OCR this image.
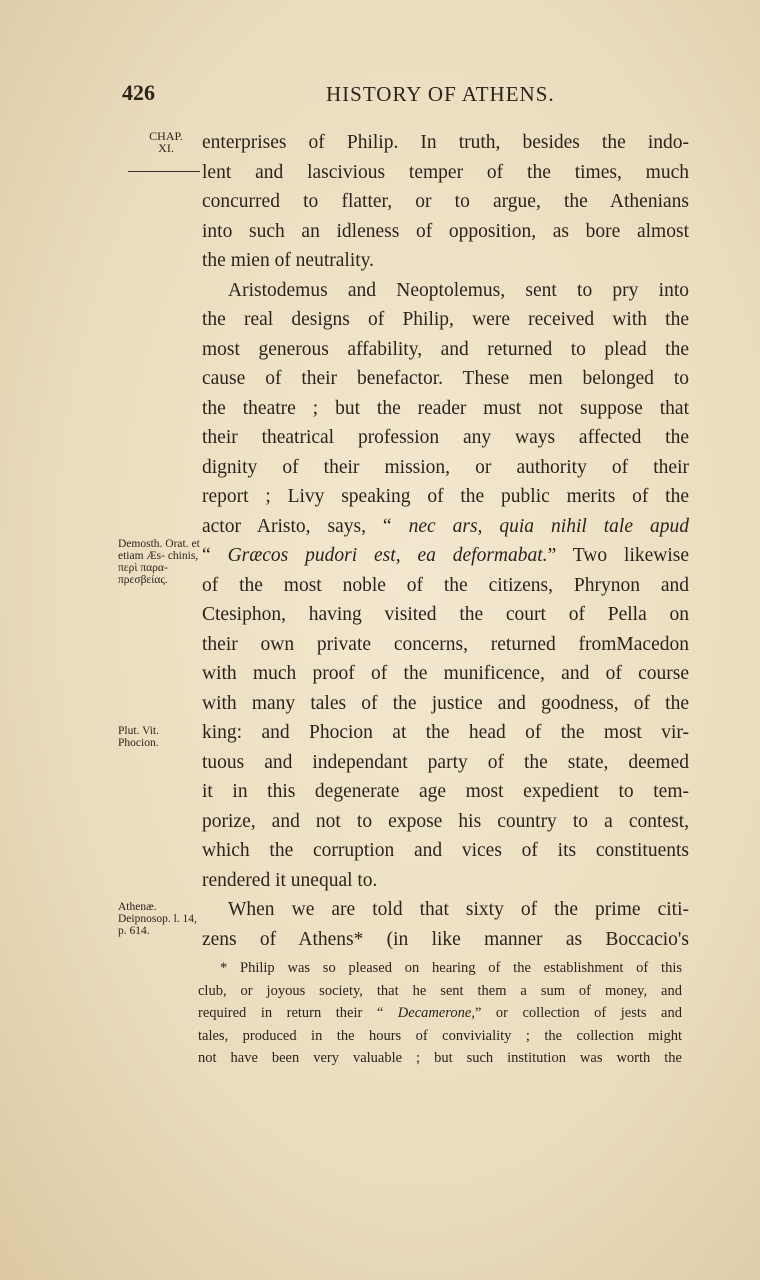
426	HISTORY OF ATHENS.
CHAP.
XI.	enterprises of Philip. In truth, besides the indo-
lent and lascivious temper of the times, much
concurred to flatter, or to argue, the Athenians
into such an idleness of opposition, as bore almost
the mien of neutrality.
Aristodemus and Neoptolemus, sent to pry into
the real designs of Philip, were received with the
most generous affability, and returned to plead the
cause of their benefactor. These men belonged to
the theatre ; but the reader must not suppose that
their theatrical profession any ways affected the
dignity of their mission, or authority of their
report ; Livy speaking of the public merits of the
actor Aristo, says, “ nec ars, quia nihil tale apud
“ Græcos pudori est, ea deformabat.” Two likewise
of the most noble of the citizens, Phrynon and
Ctesiphon, having visited the court of Pella on
their own private concerns, returned fromMacedon
with much proof of the munificence, and of course
with many tales of the justice and goodness, of the
king: and Phocion at the head of the most vir-
tuous and independant party of the state, deemed
it in this degenerate age most expedient to tem-
porize, and not to expose his country to a contest,
which the corruption and vices of its constituents
rendered it unequal to.
When we are told that sixty of the prime citi-
zens of Athens* (in like manner as Boccacio's
Demosth. Orat. et etiam Æs- chinis, περὶ παρα- πρεσβείας.
Plut. Vit. Phocion.
Athenæ. Deipnosop. l. 14, p. 614.
* Philip was so pleased on hearing of the establishment of this
club, or joyous society, that he sent them a sum of money, and
required in return their “ Decamerone,” or collection of jests and
tales, produced in the hours of conviviality ; the collection might
not have been very valuable ; but such institution was worth the
